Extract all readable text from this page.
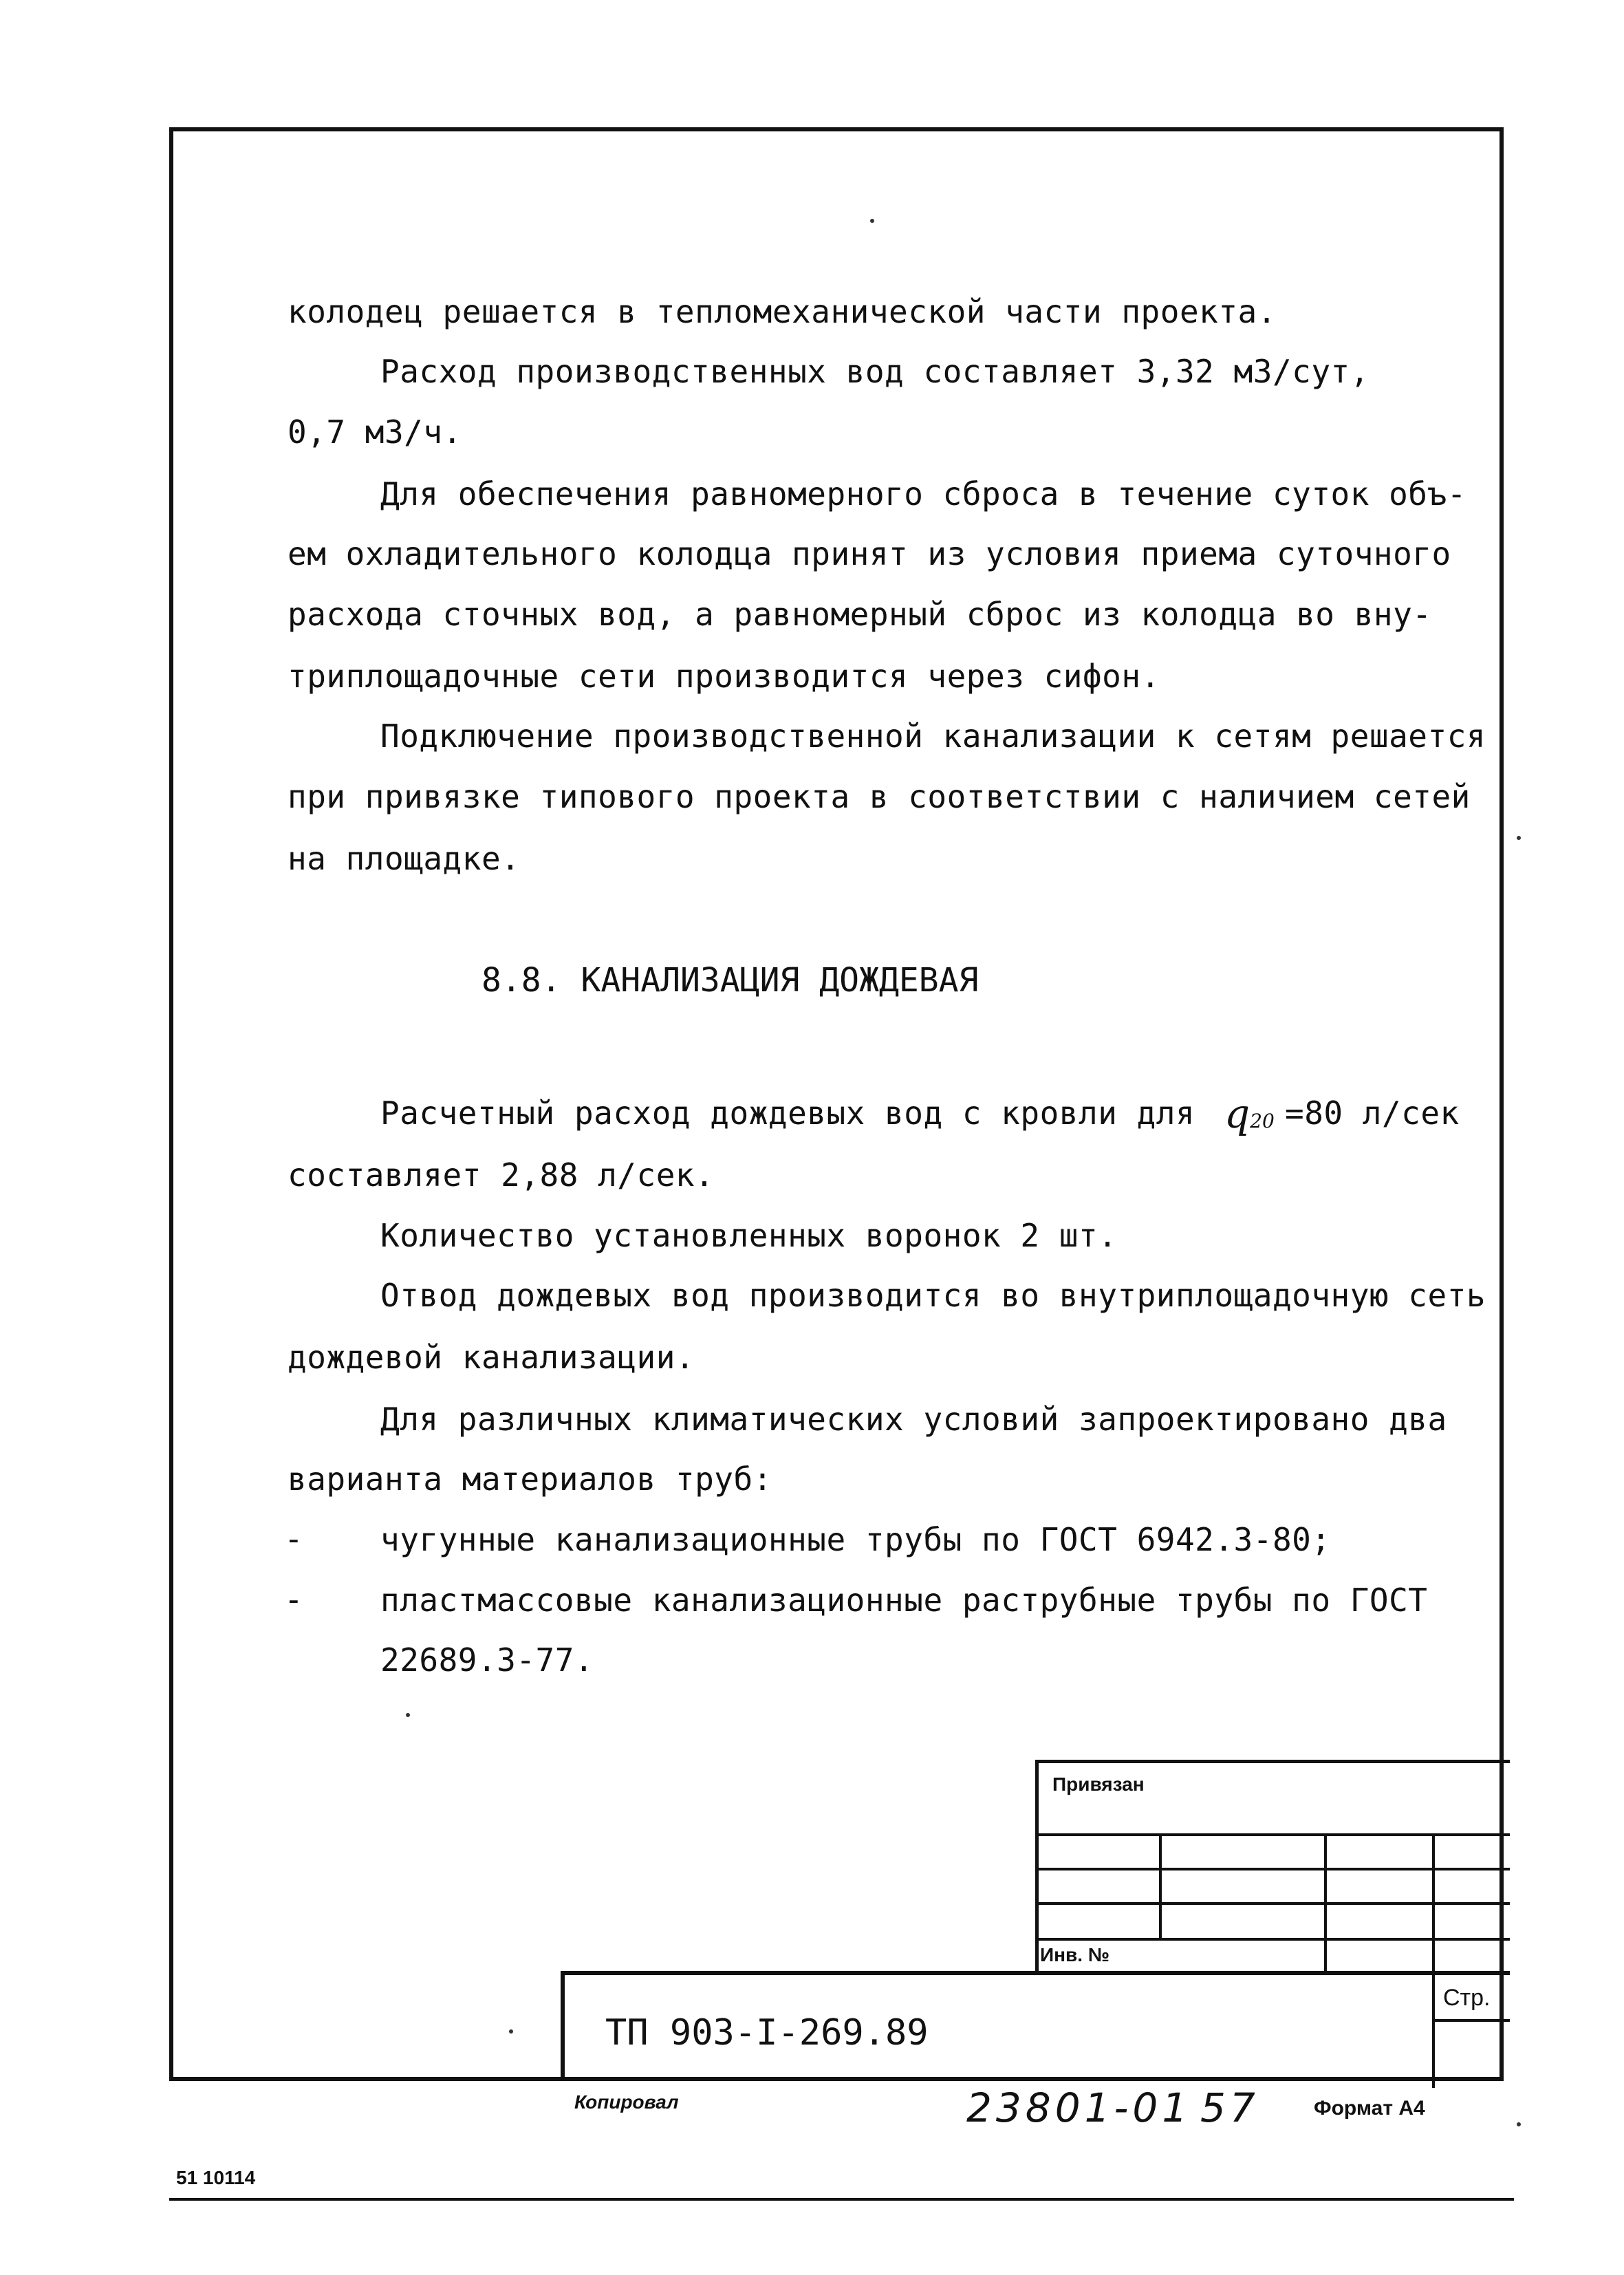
колодец решается в тепломеханической части проекта.
Расход производственных вод составляет 3,32 м3/сут,
0,7 м3/ч.
Для обеспечения равномерного сброса в течение суток объ-
ем охладительного колодца принят из условия приема суточного
расхода сточных вод, а равномерный сброс из колодца во вну-
триплощадочные сети производится через сифон.
Подключение производственной канализации к сетям решается
при привязке типового проекта в соответствии с наличием сетей
на площадке.
8.8. КАНАЛИЗАЦИЯ ДОЖДЕВАЯ
Расчетный расход дождевых вод с кровли для q20 =80 л/сек
составляет 2,88 л/сек.
Количество установленных воронок 2 шт.
Отвод дождевых вод производится во внутриплощадочную сеть
дождевой канализации.
Для различных климатических условий запроектировано два
варианта материалов труб:
- чугунные канализационные трубы по ГОСТ 6942.3-80;
- пластмассовые канализационные раструбные трубы по ГОСТ
22689.3-77.
Привязан
Инв. №
ТП 903-I-269.89
Стр.
Копировал	23801-01 57	Формат А4
51 10114
